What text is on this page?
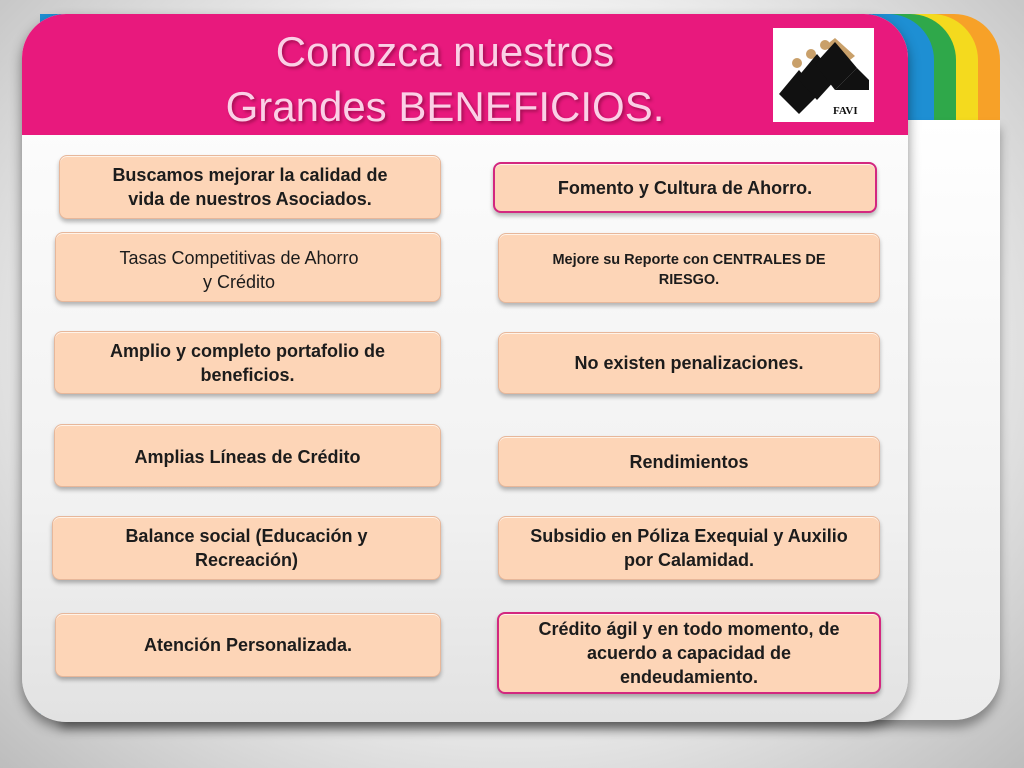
Conozca nuestros
Grandes BENEFICIOS.	FAVI
Buscamos mejorar la calidad de
vida de nuestros Asociados.
Tasas Competitivas de Ahorro
y Crédito
Amplio y completo portafolio de
beneficios.
Amplias Líneas de Crédito
Balance social (Educación y
Recreación)
Atención Personalizada.
Fomento y Cultura de Ahorro.
Mejore su Reporte con CENTRALES DE
RIESGO.
No existen penalizaciones.
Rendimientos
Subsidio en Póliza Exequial y Auxilio
por Calamidad.
Crédito ágil y en todo momento, de
acuerdo a capacidad de
endeudamiento.
